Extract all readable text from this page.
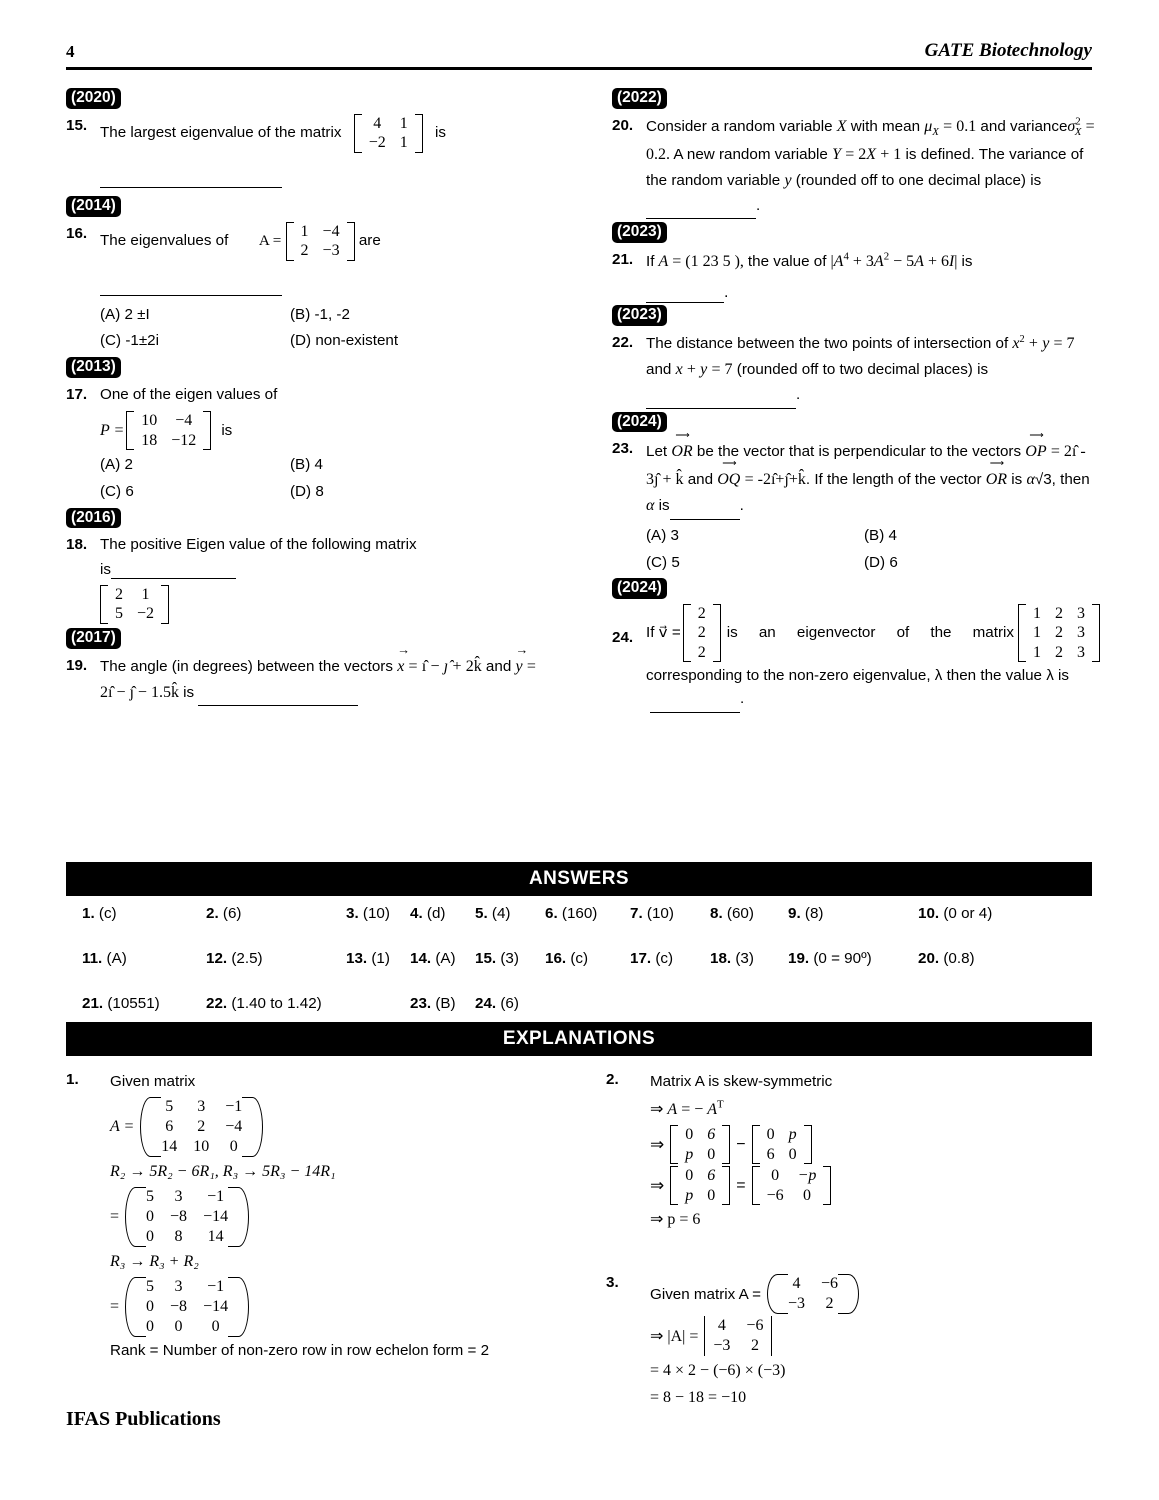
4	GATE Biotechnology
(2020)
15. The largest eigenvalue of the matrix
4	1
−2	1
is

(2014)
16. The eigenvalues of A =
1	−4
2	−3
are

(A) 2 ±I	(B) -1, -2
(C) -1±2i	(D) non-existent
(2013)
17. One of the eigen values of
P =
10	−4
18	−12
is
(A) 2	(B) 4
(C) 6	(D) 8
(2016)
18. The positive Eigen value of the following matrix
is
2	1
5	−2
(2017)
19. The angle (in degrees) between the vectors x → = ı̂ − ȷ̂ + 2k̂ and y → = 2ı̂ − ȷ̂ − 1.5k̂ is
(2022)
20. Consider a random variable X with mean $\mu_X = 0.1$ and varianceσ$^2_X$ = 0.2. A new random variable Y = 2X + 1 is defined. The variance of the random variable y (rounded off to one decimal place) is .
(2023)
21. If A = (1 23 5 ), the value of $|A^4 + 3A^2 - 5A + 6I|$ is
.
(2023)
22. The distance between the two points of intersection of $x^2 + y = 7$ and x + y = 7 (rounded off to two decimal places) is  .
(2024)
23. Let OR ⟶ be the vector that is perpendicular to the vectors OP ⟶ = 2ı̂ - 3ȷ̂ + k̂ and OQ ⟶ = -2ı̂+ȷ̂+k̂. If the length of the vector OR ⟶ is α√3, then α is	.
(A) 3	(B) 4
(C) 5	(D) 6
(2024)
24. If v⃗ =
2
2
2
is an eigenvector of the matrix
1	2	3
1	2	3
1	2	3
corresponding to the non-zero eigenvalue, λ then the value λ is
.
ANSWERS
1. (c)	2. (6)	3. (10)	4. (d)	5. (4)	6. (160)	7. (10)	8. (60)	9. (8)	10. (0 or 4)
11. (A)	12. (2.5)	13. (1)	14. (A)	15. (3)	16. (c)	17. (c)	18. (3)	19. (0 = 90º)	20. (0.8)
21. (10551)	22. (1.40 to 1.42)	23. (B)	24. (6)
EXPLANATIONS
1. Given matrix
A =
5	3	−1
6	2	−4
14	10	0
R₂ → 5R₂ − 6R₁, R₃ → 5R₃ − 14R₁
=
5	3	−1
0	−8	−14
0	8	14
R₃ → R₃ + R₂
=
5	3	−1
0	−8	−14
0	0	0
Rank = Number of non-zero row in row echelon form = 2
2. Matrix A is skew-symmetric
⇒ A = − $A^T$
⇒
0	6
p	0
−
0	p
6	0
⇒
0	6
p	0
=
0	−p
−6	0
⇒ p = 6
3.
Given matrix A =
4	−6
−3	2
⇒ |A| =
4	−6
−3	2
= 4 × 2 − (−6) × (−3)
= 8 − 18 = −10
IFAS Publications
